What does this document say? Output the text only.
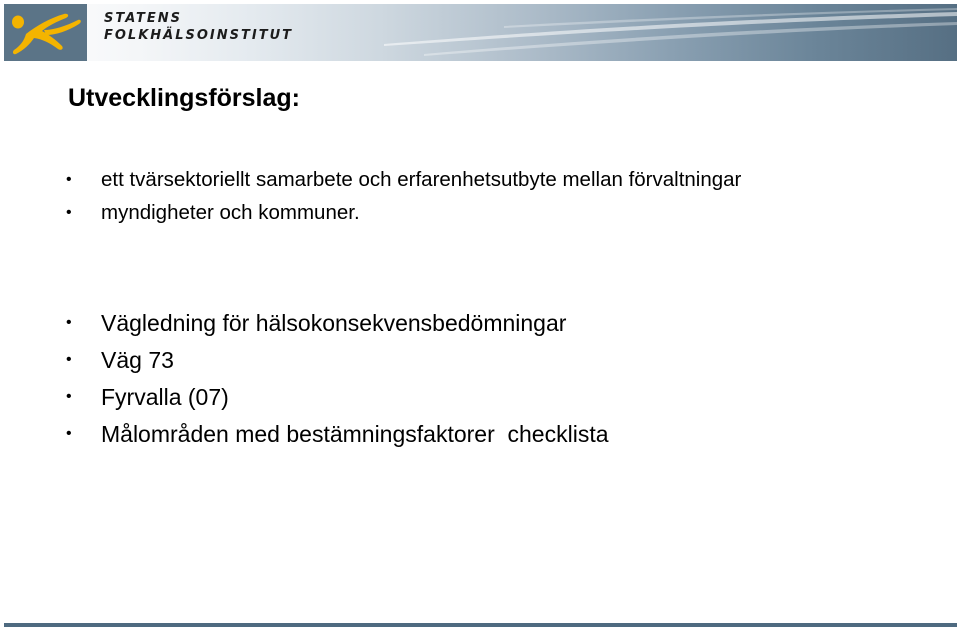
STATENS
FOLKHÄLSOINSTITUT
Utvecklingsförslag:
• ett tvärsektoriellt samarbete och erfarenhetsutbyte mellan förvaltningar
• myndigheter och kommuner.
• Vägledning för hälsokonsekvensbedömningar
• Väg 73
• Fyrvalla (07)
• Målområden med bestämningsfaktorer  checklista
